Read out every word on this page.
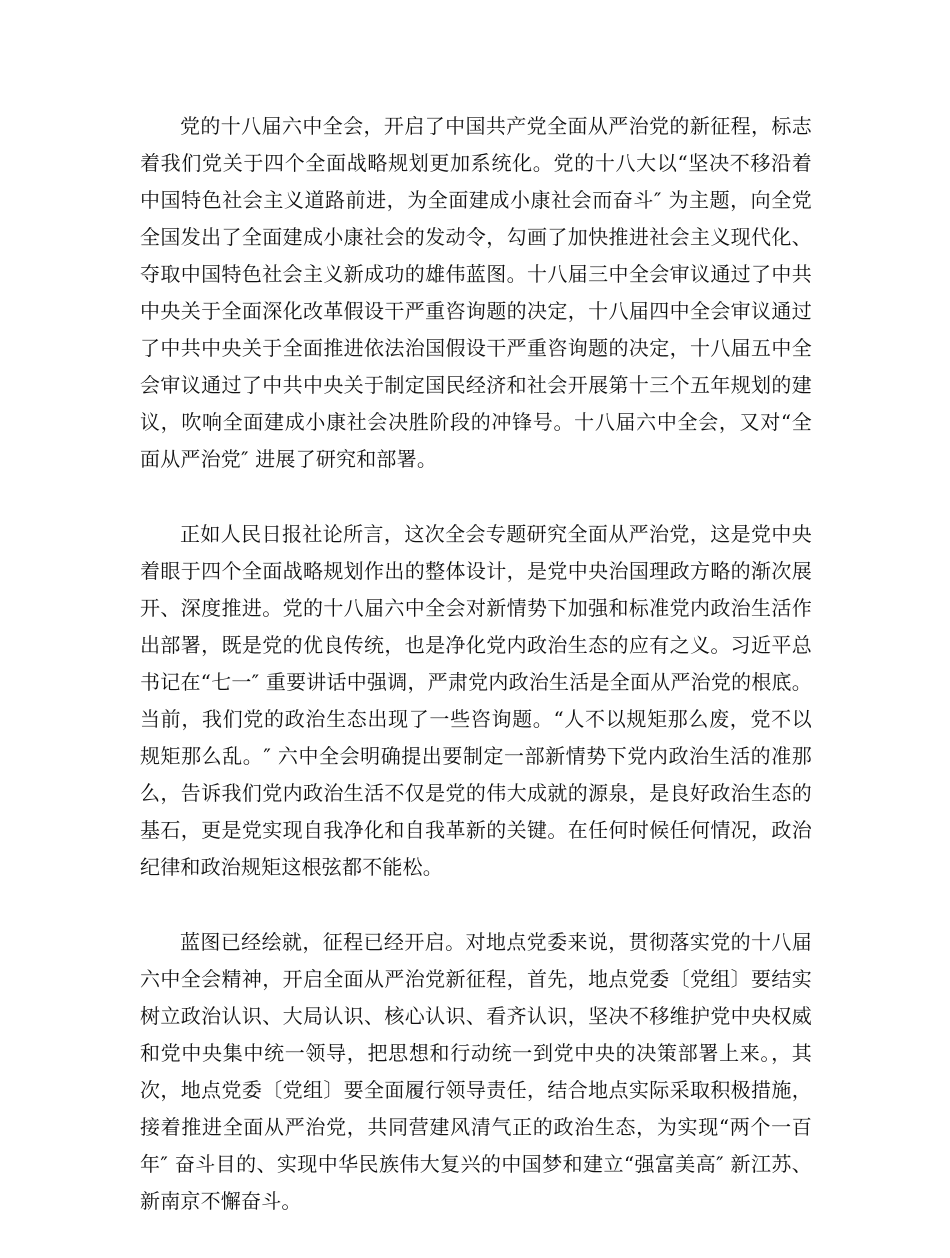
党的十八届六中全会，开启了中国共产党全面从严治党的新征程，标志着我们党关于四个全面战略规划更加系统化。党的十八大以“坚决不移沿着中国特色社会主义道路前进，为全面建成小康社会而奋斗″ 为主题，向全党全国发出了全面建成小康社会的发动令，勾画了加快推进社会主义现代化、夺取中国特色社会主义新成功的雄伟蓝图。十八届三中全会审议通过了中共中央关于全面深化改革假设干严重咨询题的决定，十八届四中全会审议通过了中共中央关于全面推进依法治国假设干严重咨询题的决定，十八届五中全会审议通过了中共中央关于制定国民经济和社会开展第十三个五年规划的建议，吹响全面建成小康社会决胜阶段的冲锋号。十八届六中全会，又对“全面从严治党″ 进展了研究和部署。

正如人民日报社论所言，这次全会专题研究全面从严治党，这是党中央着眼于四个全面战略规划作出的整体设计，是党中央治国理政方略的渐次展开、深度推进。党的十八届六中全会对新情势下加强和标准党内政治生活作出部署，既是党的优良传统，也是净化党内政治生态的应有之义。习近平总书记在“七一″ 重要讲话中强调，严肃党内政治生活是全面从严治党的根底。当前，我们党的政治生态出现了一些咨询题。“人不以规矩那么废，党不以规矩那么乱。″ 六中全会明确提出要制定一部新情势下党内政治生活的准那么，告诉我们党内政治生活不仅是党的伟大成就的源泉，是良好政治生态的基石，更是党实现自我净化和自我革新的关键。在任何时候任何情况，政治纪律和政治规矩这根弦都不能松。

蓝图已经绘就，征程已经开启。对地点党委来说，贯彻落实党的十八届六中全会精神，开启全面从严治党新征程，首先，地点党委〔党组〕要结实树立政治认识、大局认识、核心认识、看齐认识，坚决不移维护党中央权威和党中央集中统一领导，把思想和行动统一到党中央的决策部署上来。，其次，地点党委〔党组〕要全面履行领导责任，结合地点实际采取积极措施，接着推进全面从严治党，共同营建风清气正的政治生态，为实现“两个一百年″ 奋斗目的、实现中华民族伟大复兴的中国梦和建立“强富美高″ 新江苏、新南京不懈奋斗。
